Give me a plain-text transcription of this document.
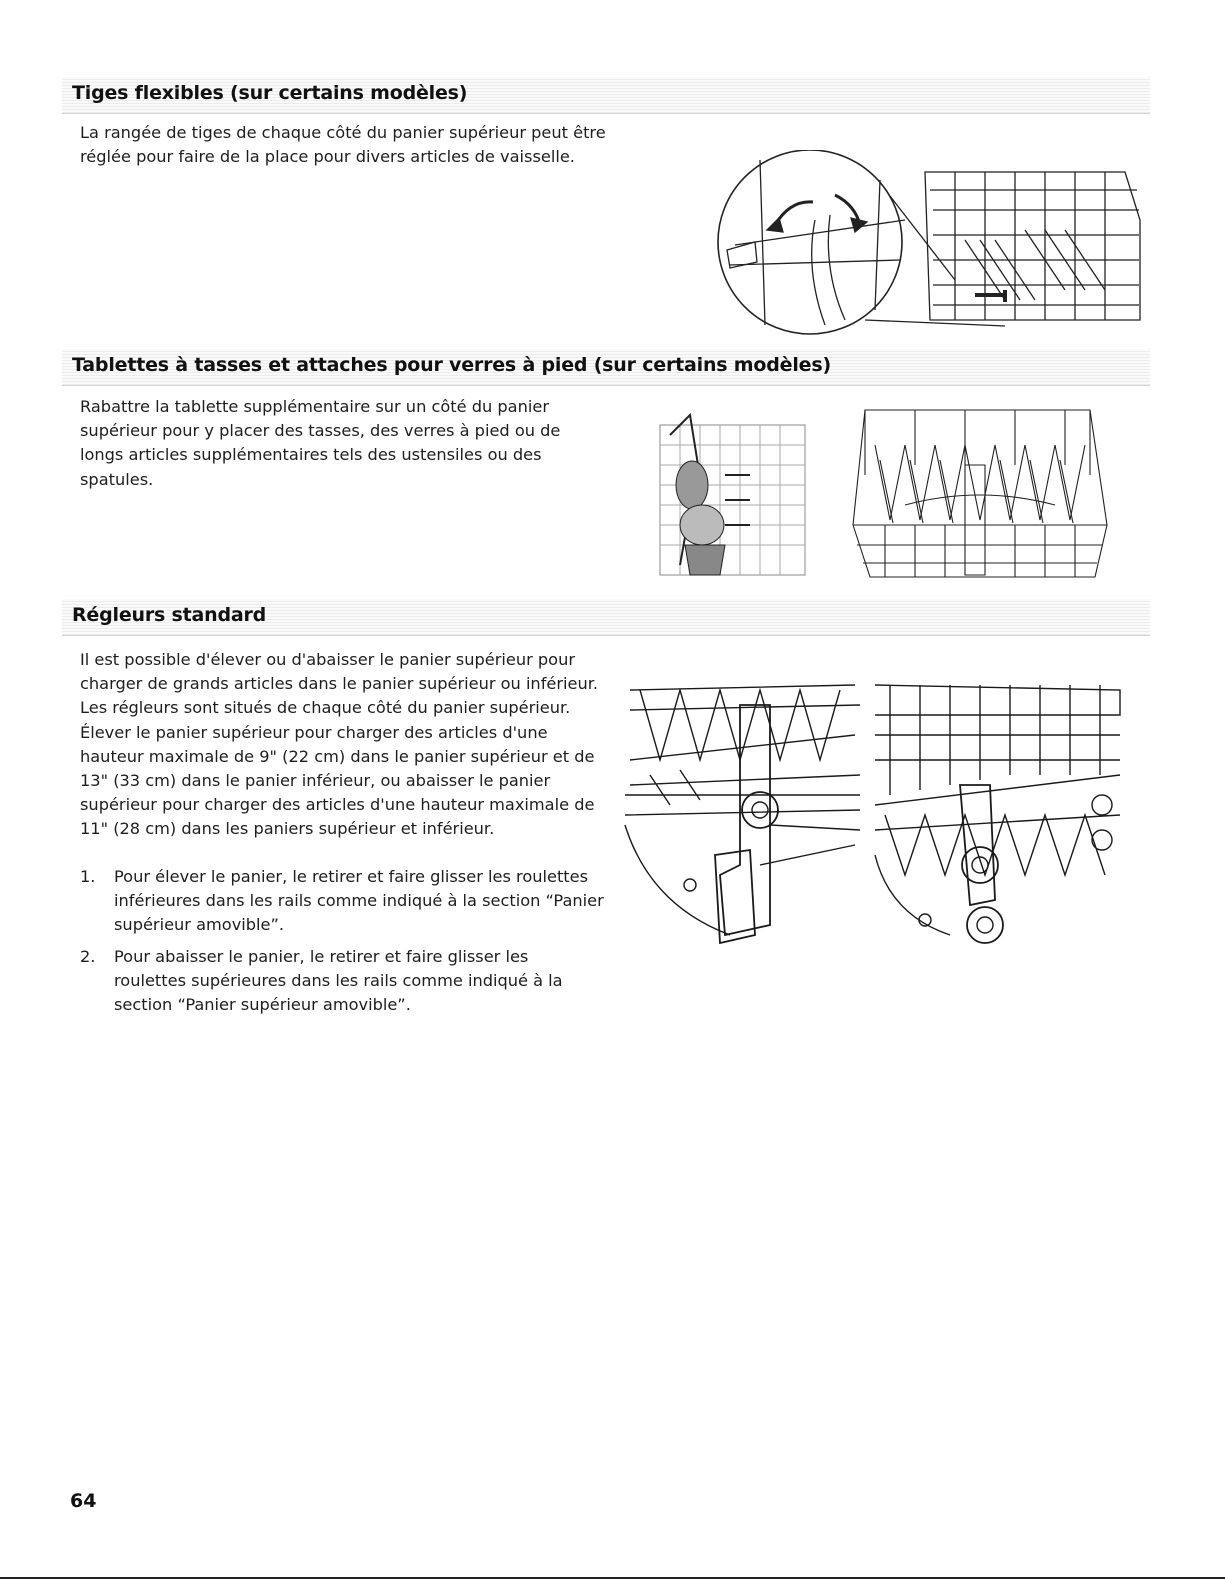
Tiges flexibles (sur certains modèles)

La rangée de tiges de chaque côté du panier supérieur peut être réglée pour faire de la place pour divers articles de vaisselle.

Tablettes à tasses et attaches pour verres à pied (sur certains modèles)

Rabattre la tablette supplémentaire sur un côté du panier supérieur pour y placer des tasses, des verres à pied ou de longs articles supplémentaires tels des ustensiles ou des spatules.

Régleurs standard

Il est possible d'élever ou d'abaisser le panier supérieur pour charger de grands articles dans le panier supérieur ou inférieur. Les régleurs sont situés de chaque côté du panier supérieur. Élever le panier supérieur pour charger des articles d'une hauteur maximale de 9" (22 cm) dans le panier supérieur et de 13" (33 cm) dans le panier inférieur, ou abaisser le panier supérieur pour charger des articles d'une hauteur maximale de 11" (28 cm) dans les paniers supérieur et inférieur.

1. Pour élever le panier, le retirer et faire glisser les roulettes inférieures dans les rails comme indiqué à la section “Panier supérieur amovible”.
2. Pour abaisser le panier, le retirer et faire glisser les roulettes supérieures dans les rails comme indiqué à la section “Panier supérieur amovible”.

64
